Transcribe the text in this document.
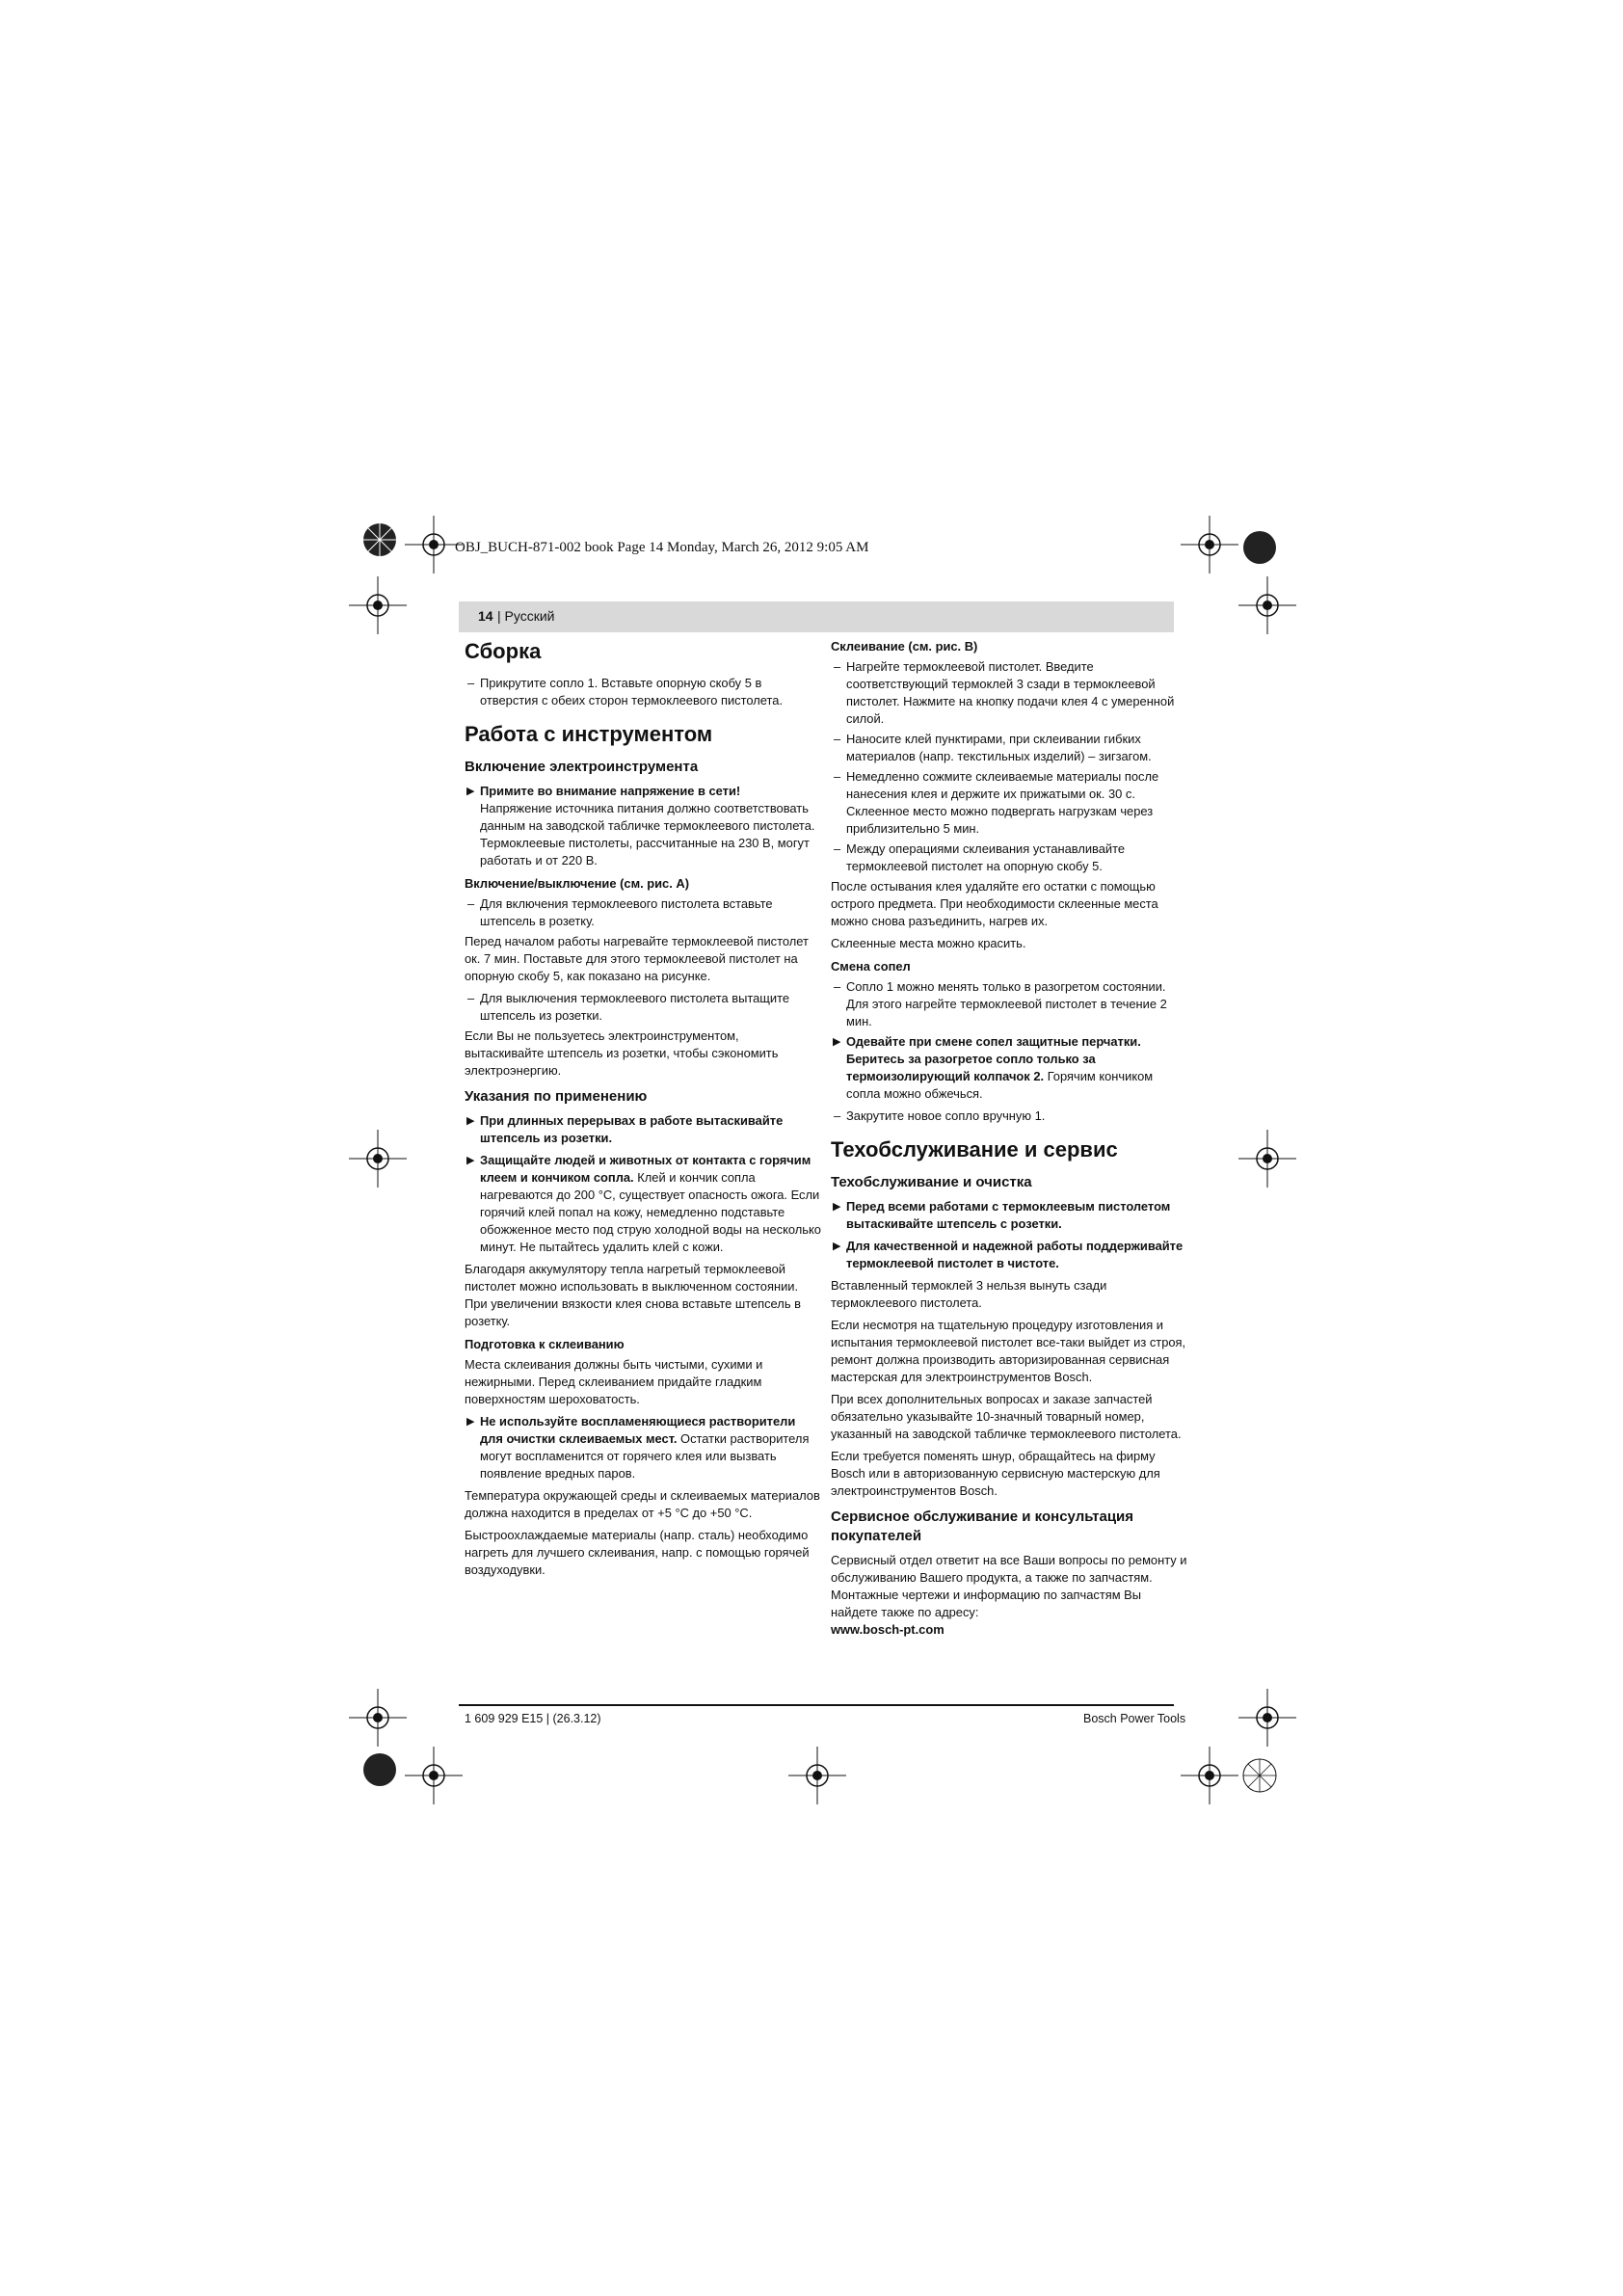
OBJ_BUCH-871-002 book Page 14 Monday, March 26, 2012 9:05 AM
14 | Русский
Сборка

– Прикрутите сопло 1. Вставьте опорную скобу 5 в отверстия с обеих сторон термоклеевого пистолета.

Работа с инструментом
Включение электроинструмента
▶ Примите во внимание напряжение в сети!
Напряжение источника питания должно соответствовать данным на заводской табличке термоклеевого пистолета. Термоклеевые пистолеты, рассчитанные на 230 В, могут работать и от 220 В.
Включение/выключение (см. рис. A)

– Для включения термоклеевого пистолета вставьте штепсель в розетку.

Перед началом работы нагревайте термоклеевой пистолет ок. 7 мин. Поставьте для этого термоклеевой пистолет на опорную скобу 5, как показано на рисунке.

– Для выключения термоклеевого пистолета вытащите штепсель из розетки.

Если Вы не пользуетесь электроинструментом, вытаскивайте штепсель из розетки, чтобы сэкономить электроэнергию.

Указания по применению
▶ При длинных перерывах в работе вытаскивайте штепсель из розетки.
▶ Защищайте людей и животных от контакта с горячим клеем и кончиком сопла. Клей и кончик сопла нагреваются до 200 °C, существует опасность ожога. Если горячий клей попал на кожу, немедленно подставьте обожженное место под струю холодной воды на несколько минут. Не пытайтесь удалить клей с кожи.

Благодаря аккумулятору тепла нагретый термоклеевой пистолет можно использовать в выключенном состоянии. При увеличении вязкости клея снова вставьте штепсель в розетку.

Подготовка к склеиванию

Места склеивания должны быть чистыми, сухими и нежирными. Перед склеиванием придайте гладким поверхностям шероховатость.

▶ Не используйте воспламеняющиеся растворители для очистки склеиваемых мест. Остатки растворителя могут воспламенится от горячего клея или вызвать появление вредных паров.

Температура окружающей среды и склеиваемых материалов должна находится в пределах от +5 °C до +50 °C.

Быстроохлаждаемые материалы (напр. сталь) необходимо нагреть для лучшего склеивания, напр. с помощью горячей воздуходувки.

Склеивание (см. рис. B)

– Нагрейте термоклеевой пистолет. Введите соответствующий термоклей 3 сзади в термоклеевой пистолет. Нажмите на кнопку подачи клея 4 с умеренной силой.

– Наносите клей пунктирами, при склеивании гибких материалов (напр. текстильных изделий) – зигзагом.

– Немедленно сожмите склеиваемые материалы после нанесения клея и держите их прижатыми ок. 30 с. Склеенное место можно подвергать нагрузкам через приблизительно 5 мин.

– Между операциями склеивания устанавливайте термоклеевой пистолет на опорную скобу 5.

После остывания клея удаляйте его остатки с помощью острого предмета. При необходимости склеенные места можно снова разъединить, нагрев их.

Склеенные места можно красить.

Смена сопел

– Сопло 1 можно менять только в разогретом состоянии. Для этого нагрейте термоклеевой пистолет в течение 2 мин.

▶ Одевайте при смене сопел защитные перчатки. Беритесь за разогретое сопло только за термоизолирующий колпачок 2. Горячим кончиком сопла можно обжечься.

– Закрутите новое сопло вручную 1.

Техобслуживание и сервис
Техобслуживание и очистка
▶ Перед всеми работами с термоклеевым пистолетом вытаскивайте штепсель с розетки.
▶ Для качественной и надежной работы поддерживайте термоклеевой пистолет в чистоте.

Вставленный термоклей 3 нельзя вынуть сзади термоклеевого пистолета.

Если несмотря на тщательную процедуру изготовления и испытания термоклеевой пистолет все-таки выйдет из строя, ремонт должна производить авторизированная сервисная мастерская для электроинструментов Bosch.

При всех дополнительных вопросах и заказе запчастей обязательно указывайте 10-значный товарный номер, указанный на заводской табличке термоклеевого пистолета.

Если требуется поменять шнур, обращайтесь на фирму Bosch или в авторизованную сервисную мастерскую для электроинструментов Bosch.

Сервисное обслуживание и консультация покупателей

Сервисный отдел ответит на все Ваши вопросы по ремонту и обслуживанию Вашего продукта, а также по запчастям. Монтажные чертежи и информацию по запчастям Вы найдете также по адресу:

www.bosch-pt.com

1 609 929 E15 | (26.3.12)	Bosch Power Tools
